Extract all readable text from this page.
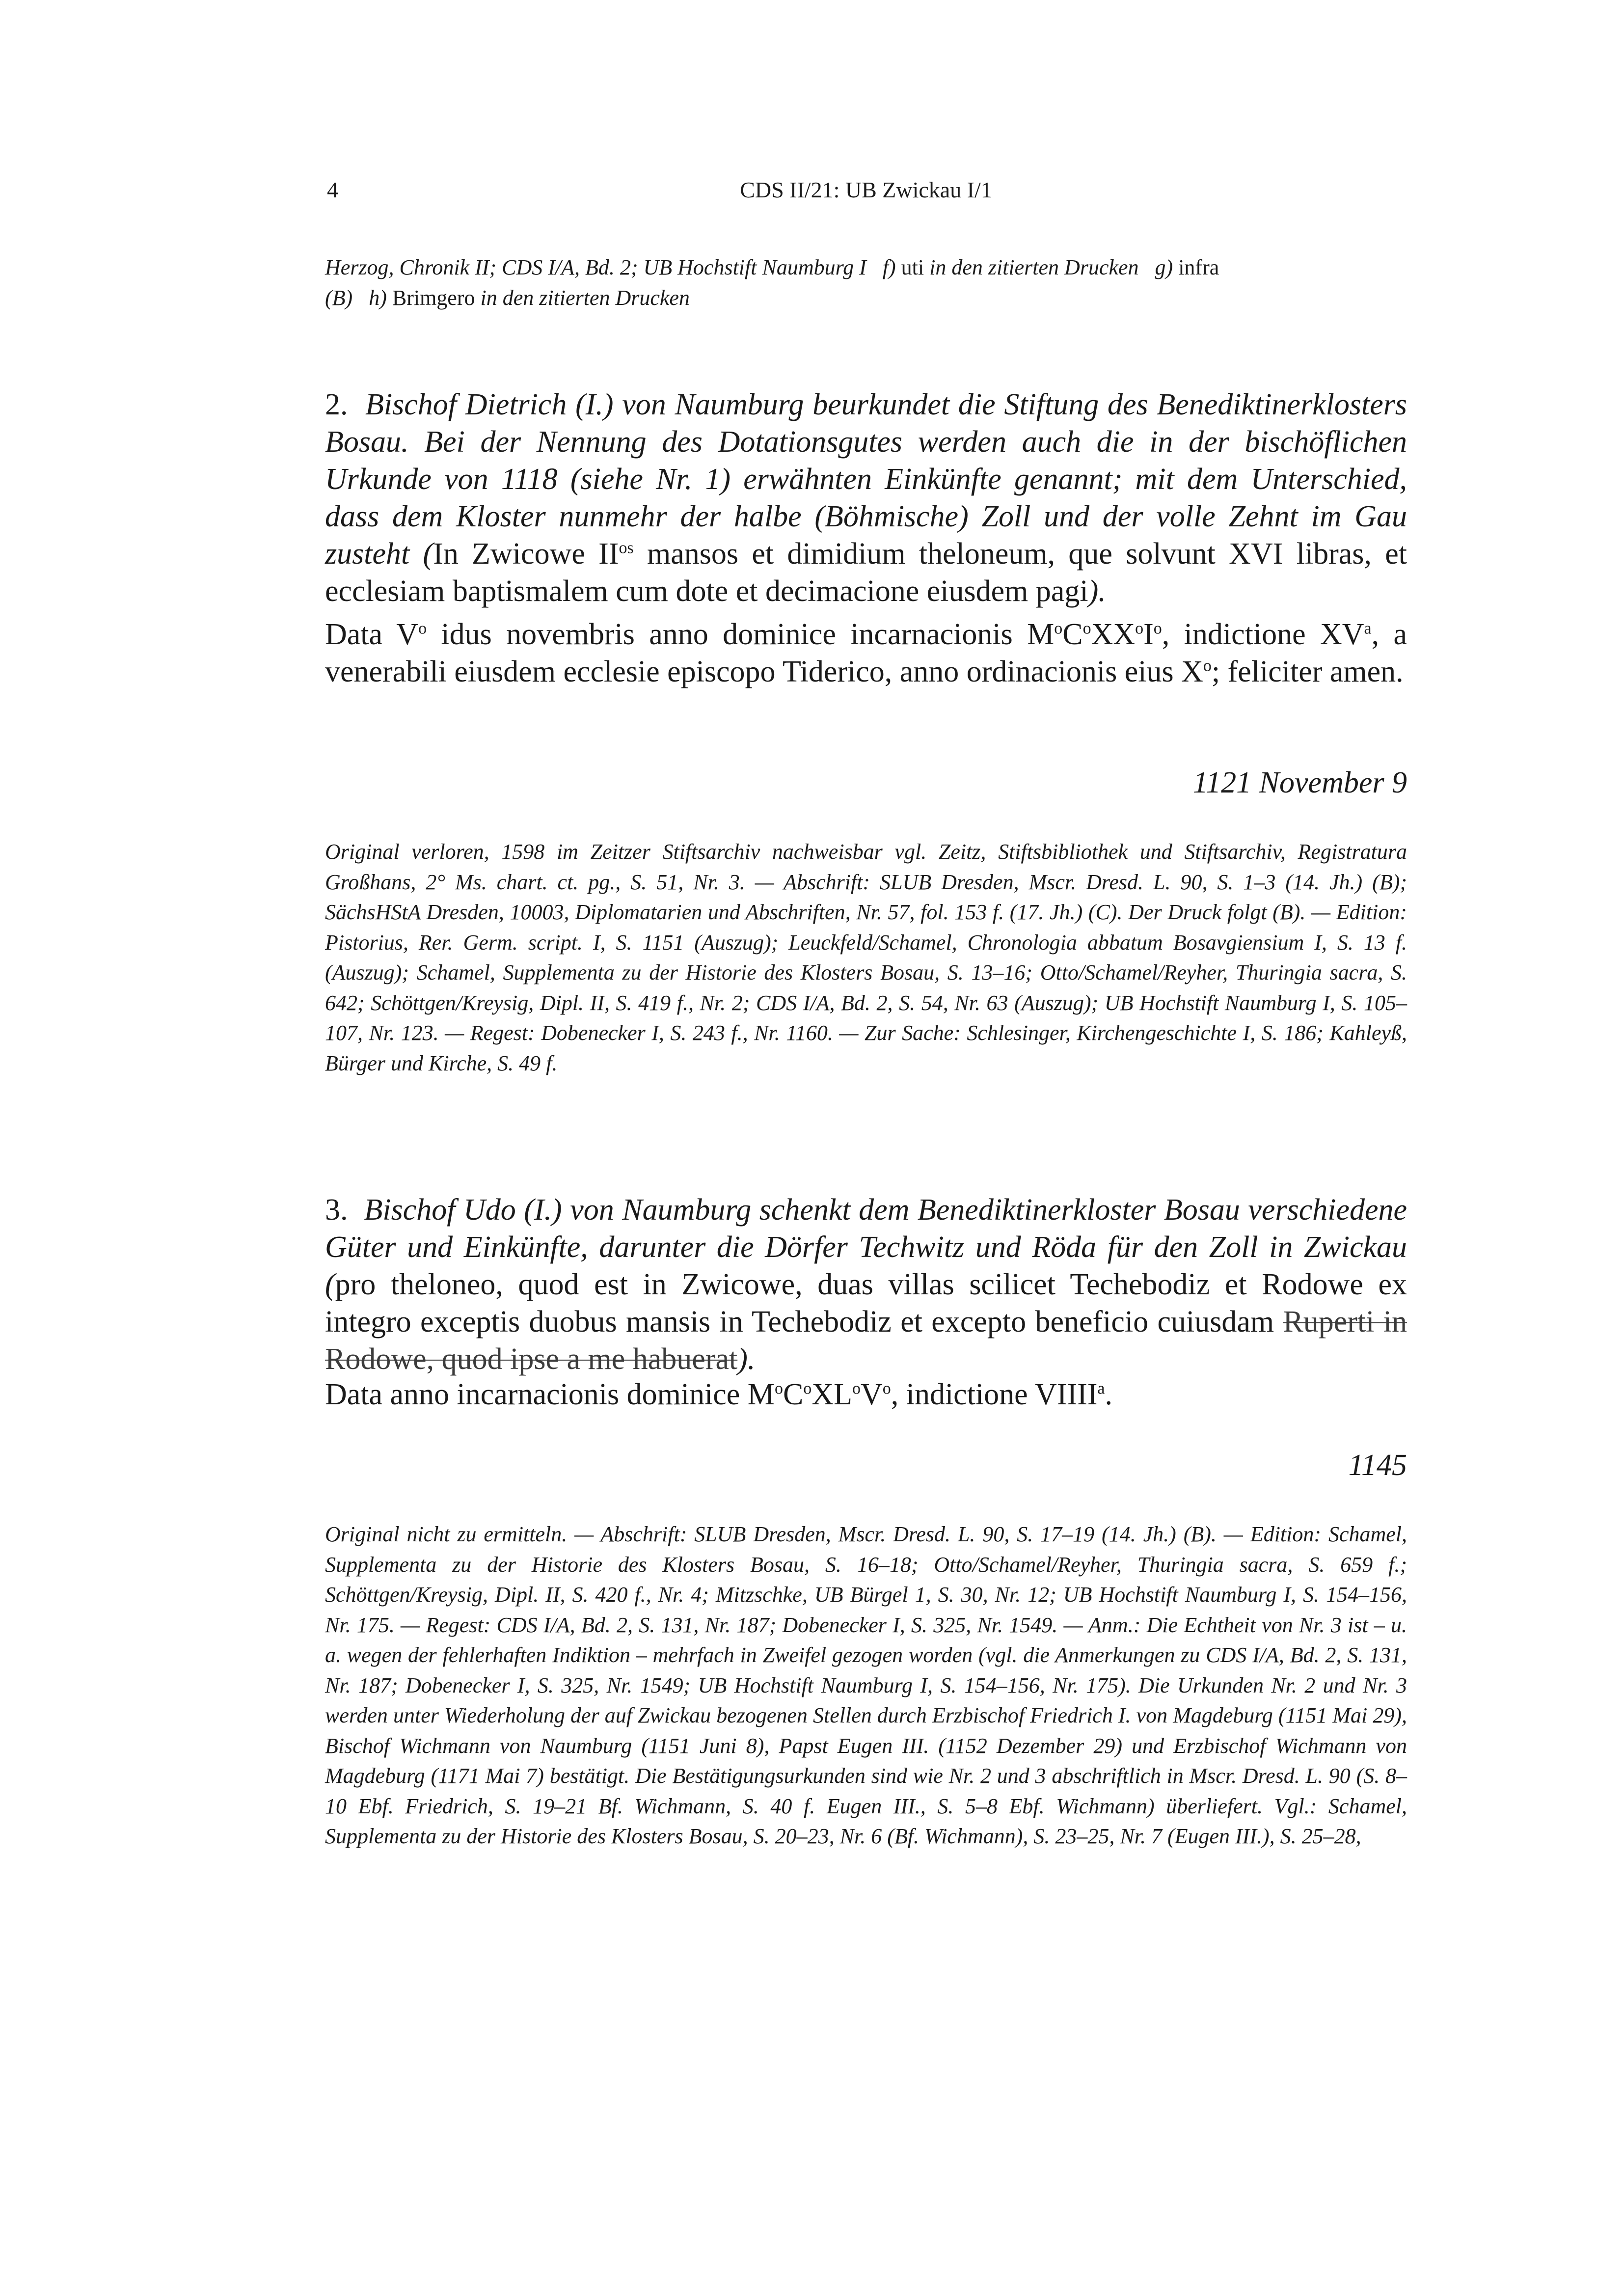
4	CDS II/21: UB Zwickau I/1
Herzog, Chronik II; CDS I/A, Bd. 2; UB Hochstift Naumburg I f) uti in den zitierten Drucken g) infra
(B) h) Brimgero in den zitierten Drucken
2. Bischof Dietrich (I.) von Naumburg beurkundet die Stiftung des Benediktinerklosters Bosau. Bei der Nennung des Dotationsgutes werden auch die in der bischöflichen Urkunde von 1118 (siehe Nr. 1) erwähnten Einkünfte genannt; mit dem Unterschied, dass dem Kloster nunmehr der halbe (Böhmische) Zoll und der volle Zehnt im Gau zusteht (In Zwicowe $II^{os}$ mansos et dimidium theloneum, que solvunt XVI libras, et ecclesiam baptismalem cum dote et decimacione eiusdem pagi).
Data $V^o$ idus novembris anno dominice incarnacionis $M^oC^oXX^oI^o$, indictione $XV^a$, a venerabili eiusdem ecclesie episcopo Tiderico, anno ordinacionis eius $X^o$; feliciter amen.
1121 November 9
Original verloren, 1598 im Zeitzer Stiftsarchiv nachweisbar vgl. Zeitz, Stiftsbibliothek und Stiftsarchiv, Registratura Großhans, 2° Ms. chart. ct. pg., S. 51, Nr. 3. — Abschrift: SLUB Dresden, Mscr. Dresd. L. 90, S. 1–3 (14. Jh.) (B); SächsHStA Dresden, 10003, Diplomatarien und Abschriften, Nr. 57, fol. 153 f. (17. Jh.) (C). Der Druck folgt (B). — Edition: Pistorius, Rer. Germ. script. I, S. 1151 (Auszug); Leuckfeld/Schamel, Chronologia abbatum Bosavgiensium I, S. 13 f. (Auszug); Schamel, Supplementa zu der Historie des Klosters Bosau, S. 13–16; Otto/Schamel/Reyher, Thuringia sacra, S. 642; Schöttgen/Kreysig, Dipl. II, S. 419 f., Nr. 2; CDS I/A, Bd. 2, S. 54, Nr. 63 (Auszug); UB Hochstift Naumburg I, S. 105–107, Nr. 123. — Regest: Dobenecker I, S. 243 f., Nr. 1160. — Zur Sache: Schlesinger, Kirchengeschichte I, S. 186; Kahleyß, Bürger und Kirche, S. 49 f.
3. Bischof Udo (I.) von Naumburg schenkt dem Benediktinerkloster Bosau verschiedene Güter und Einkünfte, darunter die Dörfer Techwitz und Röda für den Zoll in Zwickau (pro theloneo, quod est in Zwicowe, duas villas scilicet Techebodiz et Rodowe ex integro exceptis duobus mansis in Techebodiz et excepto beneficio cuiusdam Ruperti in Rodowe, quod ipse a me habuerat).
Data anno incarnacionis dominice $M^oC^oXL^oV^o$, indictione VIIII$^a$.
1145
Original nicht zu ermitteln. — Abschrift: SLUB Dresden, Mscr. Dresd. L. 90, S. 17–19 (14. Jh.) (B). — Edition: Schamel, Supplementa zu der Historie des Klosters Bosau, S. 16–18; Otto/Schamel/Reyher, Thuringia sacra, S. 659 f.; Schöttgen/Kreysig, Dipl. II, S. 420 f., Nr. 4; Mitzschke, UB Bürgel 1, S. 30, Nr. 12; UB Hochstift Naumburg I, S. 154–156, Nr. 175. — Regest: CDS I/A, Bd. 2, S. 131, Nr. 187; Dobenecker I, S. 325, Nr. 1549. — Anm.: Die Echtheit von Nr. 3 ist – u. a. wegen der fehlerhaften Indiktion – mehrfach in Zweifel gezogen worden (vgl. die Anmerkungen zu CDS I/A, Bd. 2, S. 131, Nr. 187; Dobenecker I, S. 325, Nr. 1549; UB Hochstift Naumburg I, S. 154–156, Nr. 175). Die Urkunden Nr. 2 und Nr. 3 werden unter Wiederholung der auf Zwickau bezogenen Stellen durch Erzbischof Friedrich I. von Magdeburg (1151 Mai 29), Bischof Wichmann von Naumburg (1151 Juni 8), Papst Eugen III. (1152 Dezember 29) und Erzbischof Wichmann von Magdeburg (1171 Mai 7) bestätigt. Die Bestätigungsurkunden sind wie Nr. 2 und 3 abschriftlich in Mscr. Dresd. L. 90 (S. 8–10 Ebf. Friedrich, S. 19–21 Bf. Wichmann, S. 40 f. Eugen III., S. 5–8 Ebf. Wichmann) überliefert. Vgl.: Schamel, Supplementa zu der Historie des Klosters Bosau, S. 20–23, Nr. 6 (Bf. Wichmann), S. 23–25, Nr. 7 (Eugen III.), S. 25–28,
